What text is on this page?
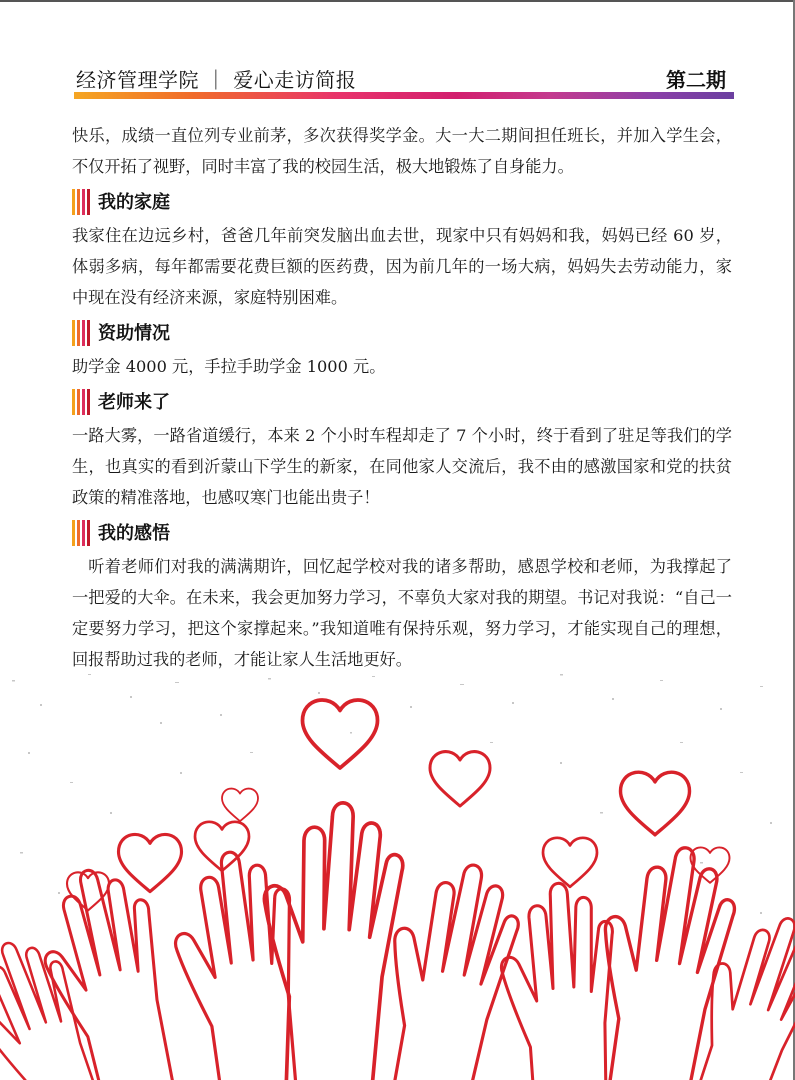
经济管理学院 ｜ 爱心走访简报	第二期

快乐，成绩一直位列专业前茅，多次获得奖学金。大一大二期间担任班长，并加入学生会，不仅开拓了视野，同时丰富了我的校园生活，极大地锻炼了自身能力。

我的家庭

我家住在边远乡村，爸爸几年前突发脑出血去世，现家中只有妈妈和我，妈妈已经 60 岁，体弱多病，每年都需要花费巨额的医药费，因为前几年的一场大病，妈妈失去劳动能力，家中现在没有经济来源，家庭特别困难。

资助情况

助学金 4000 元，手拉手助学金 1000 元。

老师来了

一路大雾，一路省道缓行，本来 2 个小时车程却走了 7 个小时，终于看到了驻足等我们的学生，也真实的看到沂蒙山下学生的新家，在同他家人交流后，我不由的感激国家和党的扶贫政策的精准落地，也感叹寒门也能出贵子！

我的感悟

听着老师们对我的满满期许，回忆起学校对我的诸多帮助，感恩学校和老师，为我撑起了一把爱的大伞。在未来，我会更加努力学习，不辜负大家对我的期望。书记对我说：“自己一定要努力学习，把这个家撑起来。”我知道唯有保持乐观，努力学习，才能实现自己的理想，回报帮助过我的老师，才能让家人生活地更好。
